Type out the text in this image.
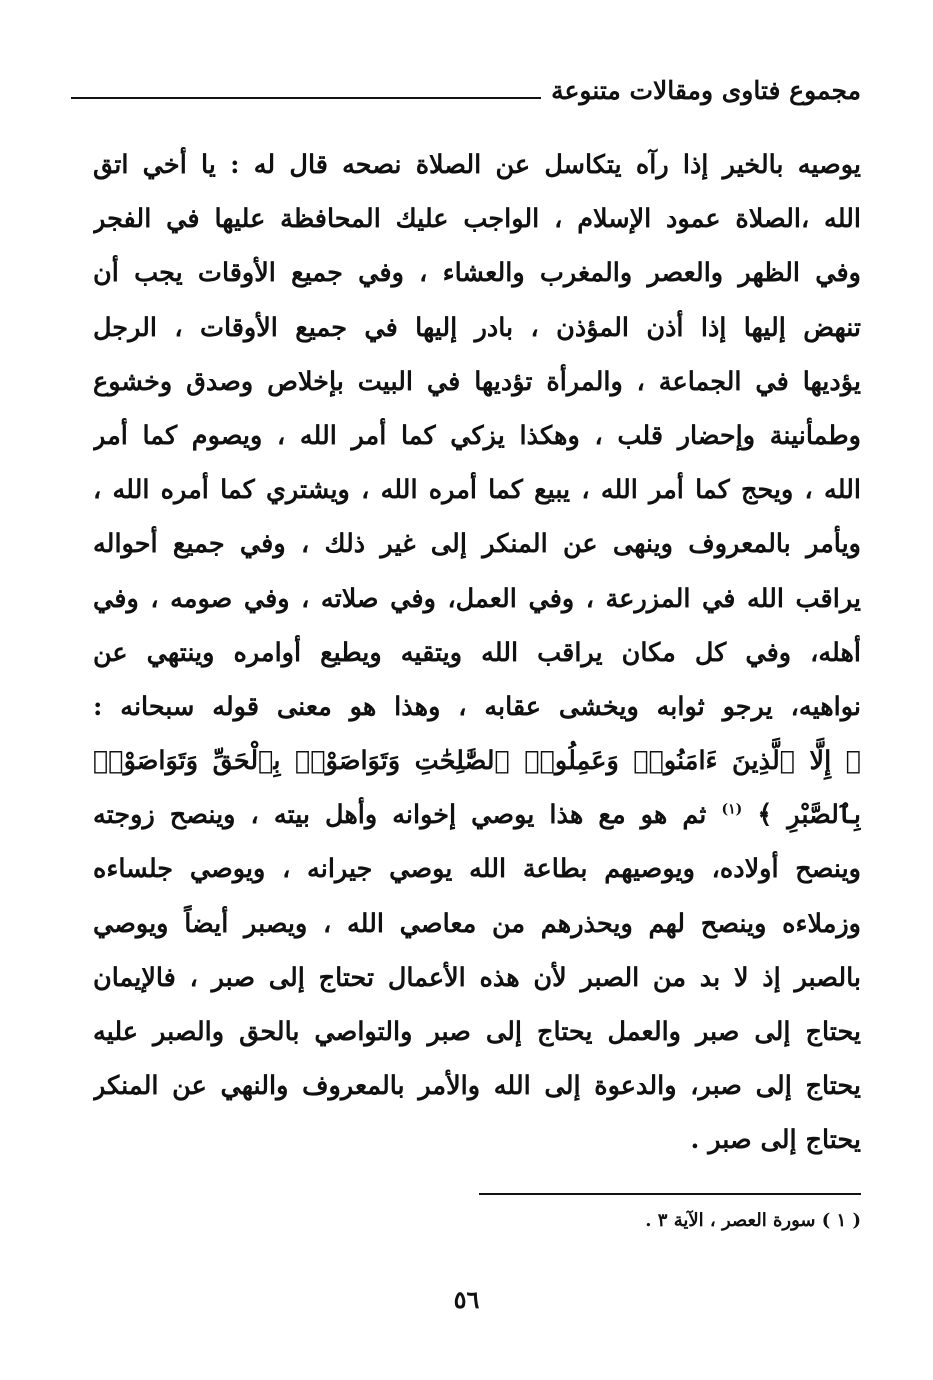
مجموع فتاوى ومقالات متنوعة
يوصيه بالخير إذا رآه يتكاسل عن الصلاة نصحه قال له : يا أخي اتق
الله ،الصلاة عمود الإسلام ، الواجب عليك المحافظة عليها في الفجر
وفي الظهر والعصر والمغرب والعشاء ، وفي جميع الأوقات يجب أن
تنهض إليها إذا أذن المؤذن ، بادر إليها في جميع الأوقات ، الرجل
يؤديها في الجماعة ، والمرأة تؤديها في البيت بإخلاص وصدق وخشوع
وطمأنينة وإحضار قلب ، وهكذا يزكي كما أمر الله ، ويصوم كما أمر
الله ، ويحج كما أمر الله ، يبيع كما أمره الله ، ويشتري كما أمره الله ،
ويأمر بالمعروف وينهى عن المنكر إلى غير ذلك ، وفي جميع أحواله
يراقب الله في المزرعة ، وفي العمل، وفي صلاته ، وفي صومه ، وفي
أهله، وفي كل مكان يراقب الله ويتقيه ويطيع أوامره وينتهي عن
نواهيه، يرجو ثوابه ويخشى عقابه ، وهذا هو معنى قوله سبحانه :
﴿ إِلَّا ٱلَّذِينَ ءَامَنُوا۟ وَعَمِلُوا۟ ٱلصَّٰلِحَٰتِ وَتَوَاصَوْا۟ بِٱلْحَقِّ وَتَوَاصَوْا۟
بِٱلصَّبْرِ ﴾ $^{(١)}$ ثم هو مع هذا يوصي إخوانه وأهل بيته ، وينصح زوجته
وينصح أولاده، ويوصيهم بطاعة الله يوصي جيرانه ، ويوصي جلساءه
وزملاءه وينصح لهم ويحذرهم من معاصي الله ، ويصبر أيضاً ويوصي
بالصبر إذ لا بد من الصبر لأن هذه الأعمال تحتاج إلى صبر ، فالإيمان
يحتاج إلى صبر والعمل يحتاج إلى صبر والتواصي بالحق والصبر عليه
يحتاج إلى صبر، والدعوة إلى الله والأمر بالمعروف والنهي عن المنكر
يحتاج إلى صبر .
( ١ ) سورة العصر ، الآية ٣ .
٥٦
